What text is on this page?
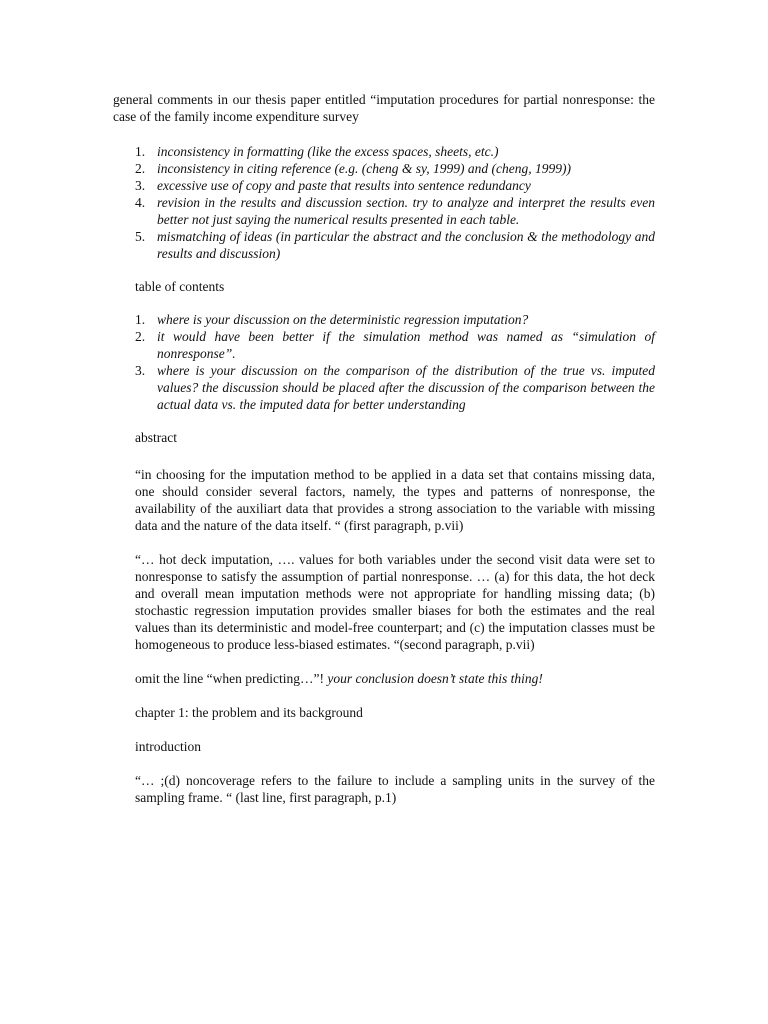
general comments in our thesis paper entitled “imputation procedures for partial nonresponse: the case of the family income expenditure survey

1. inconsistency in formatting (like the excess spaces, sheets, etc.)
2. inconsistency in citing reference (e.g. (cheng & sy, 1999) and (cheng, 1999))
3. excessive use of copy and paste that results into sentence redundancy
4. revision in the results and discussion section. try to analyze and interpret the results even better not just saying the numerical results presented in each table.
5. mismatching of ideas (in particular the abstract and the conclusion & the methodology and results and discussion)

table of contents

1. where is your discussion on the deterministic regression imputation?
2. it would have been better if the simulation method was named as “simulation of nonresponse”.
3. where is your discussion on the comparison of the distribution of the true vs. imputed values? the discussion should be placed after the discussion of the comparison between the actual data vs. the imputed data for better understanding

abstract

“in choosing for the imputation method to be applied in a data set that contains missing data, one should consider several factors, namely, the types and patterns of nonresponse, the availability of the auxiliart data that provides a strong association to the variable with missing data and the nature of the data itself. “ (first paragraph, p.vii)

“… hot deck imputation, …. values for both variables under the second visit data were set to nonresponse to satisfy the assumption of partial nonresponse. … (a) for this data, the hot deck and overall mean imputation methods were not appropriate for handling missing data; (b) stochastic regression imputation provides smaller biases for both the estimates and the real values than its deterministic and model-free counterpart; and (c) the imputation classes must be homogeneous to produce less-biased estimates. “(second paragraph, p.vii)

omit the line “when predicting…”! your conclusion doesn’t state this thing!

chapter 1: the problem and its background

introduction

“… ;(d) noncoverage refers to the failure to include a sampling units in the survey of the sampling frame. “ (last line, first paragraph, p.1)
